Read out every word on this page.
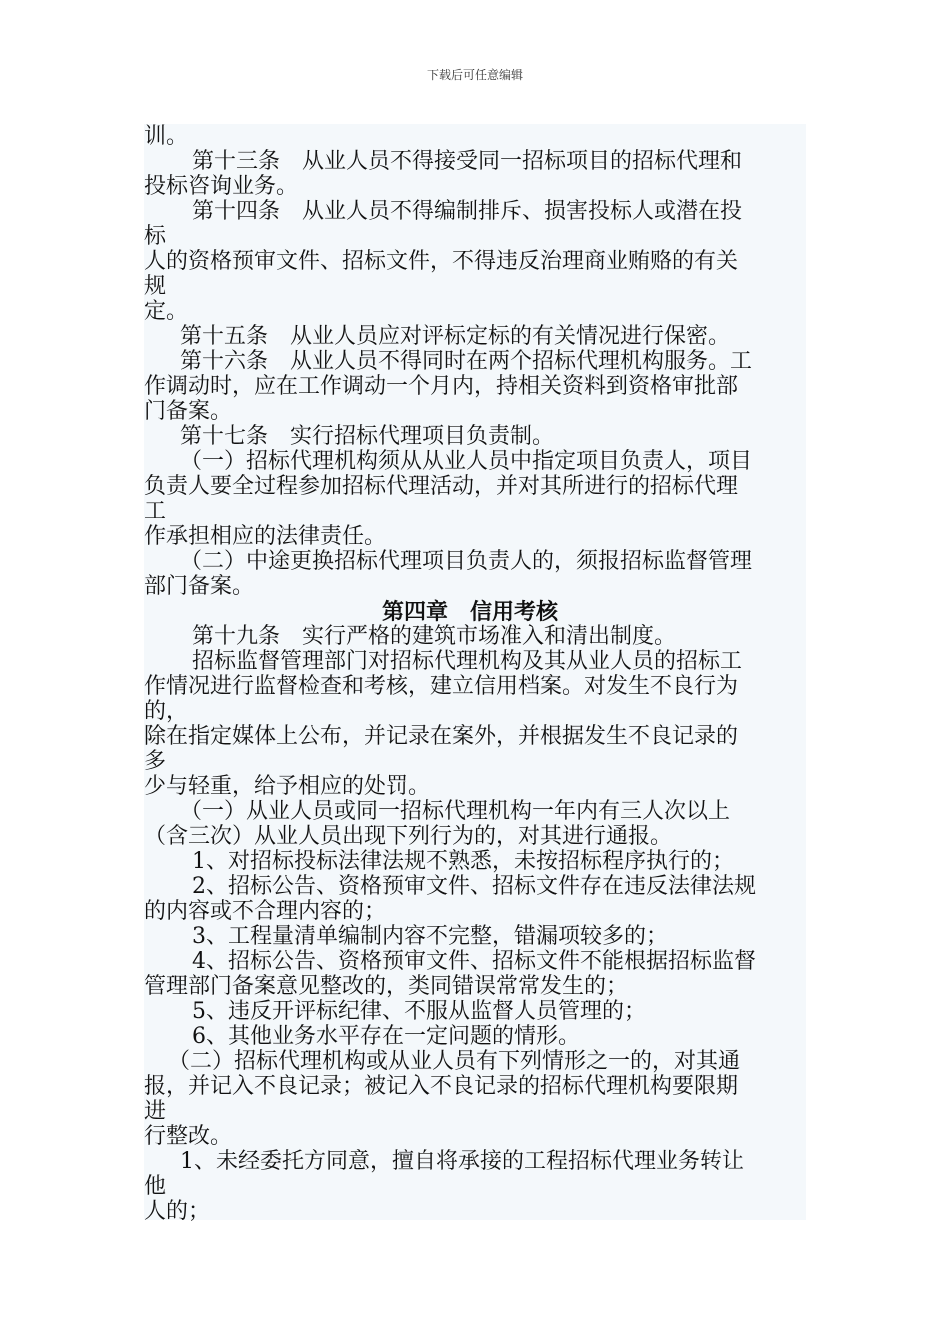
下载后可任意编辑
第四章　信用考核
训。
第十三条　从业人员不得接受同一招标项目的招标代理和
投标咨询业务。
第十四条　从业人员不得编制排斥、损害投标人或潜在投
标
人的资格预审文件、招标文件，不得违反治理商业贿赂的有关
规
定。
第十五条　从业人员应对评标定标的有关情况进行保密。
第十六条　从业人员不得同时在两个招标代理机构服务。工
作调动时，应在工作调动一个月内，持相关资料到资格审批部
门备案。
第十七条　实行招标代理项目负责制。
（一）招标代理机构须从从业人员中指定项目负责人，项目
负责人要全过程参加招标代理活动，并对其所进行的招标代理
工
作承担相应的法律责任。
（二）中途更换招标代理项目负责人的，须报招标监督管理
部门备案。
第十九条　实行严格的建筑市场准入和清出制度。
招标监督管理部门对招标代理机构及其从业人员的招标工
作情况进行监督检查和考核，建立信用档案。对发生不良行为
的，
除在指定媒体上公布，并记录在案外，并根据发生不良记录的
多
少与轻重，给予相应的处罚。
（一）从业人员或同一招标代理机构一年内有三人次以上
（含三次）从业人员出现下列行为的，对其进行通报。
1、对招标投标法律法规不熟悉，未按招标程序执行的；
2、招标公告、资格预审文件、招标文件存在违反法律法规
的内容或不合理内容的；
3、工程量清单编制内容不完整，错漏项较多的；
4、招标公告、资格预审文件、招标文件不能根据招标监督
管理部门备案意见整改的，类同错误常常发生的；
5、违反开评标纪律、不服从监督人员管理的；
6、其他业务水平存在一定问题的情形。
（二）招标代理机构或从业人员有下列情形之一的，对其通
报，并记入不良记录；被记入不良记录的招标代理机构要限期
进
行整改。
1、未经委托方同意，擅自将承接的工程招标代理业务转让
他
人的；
